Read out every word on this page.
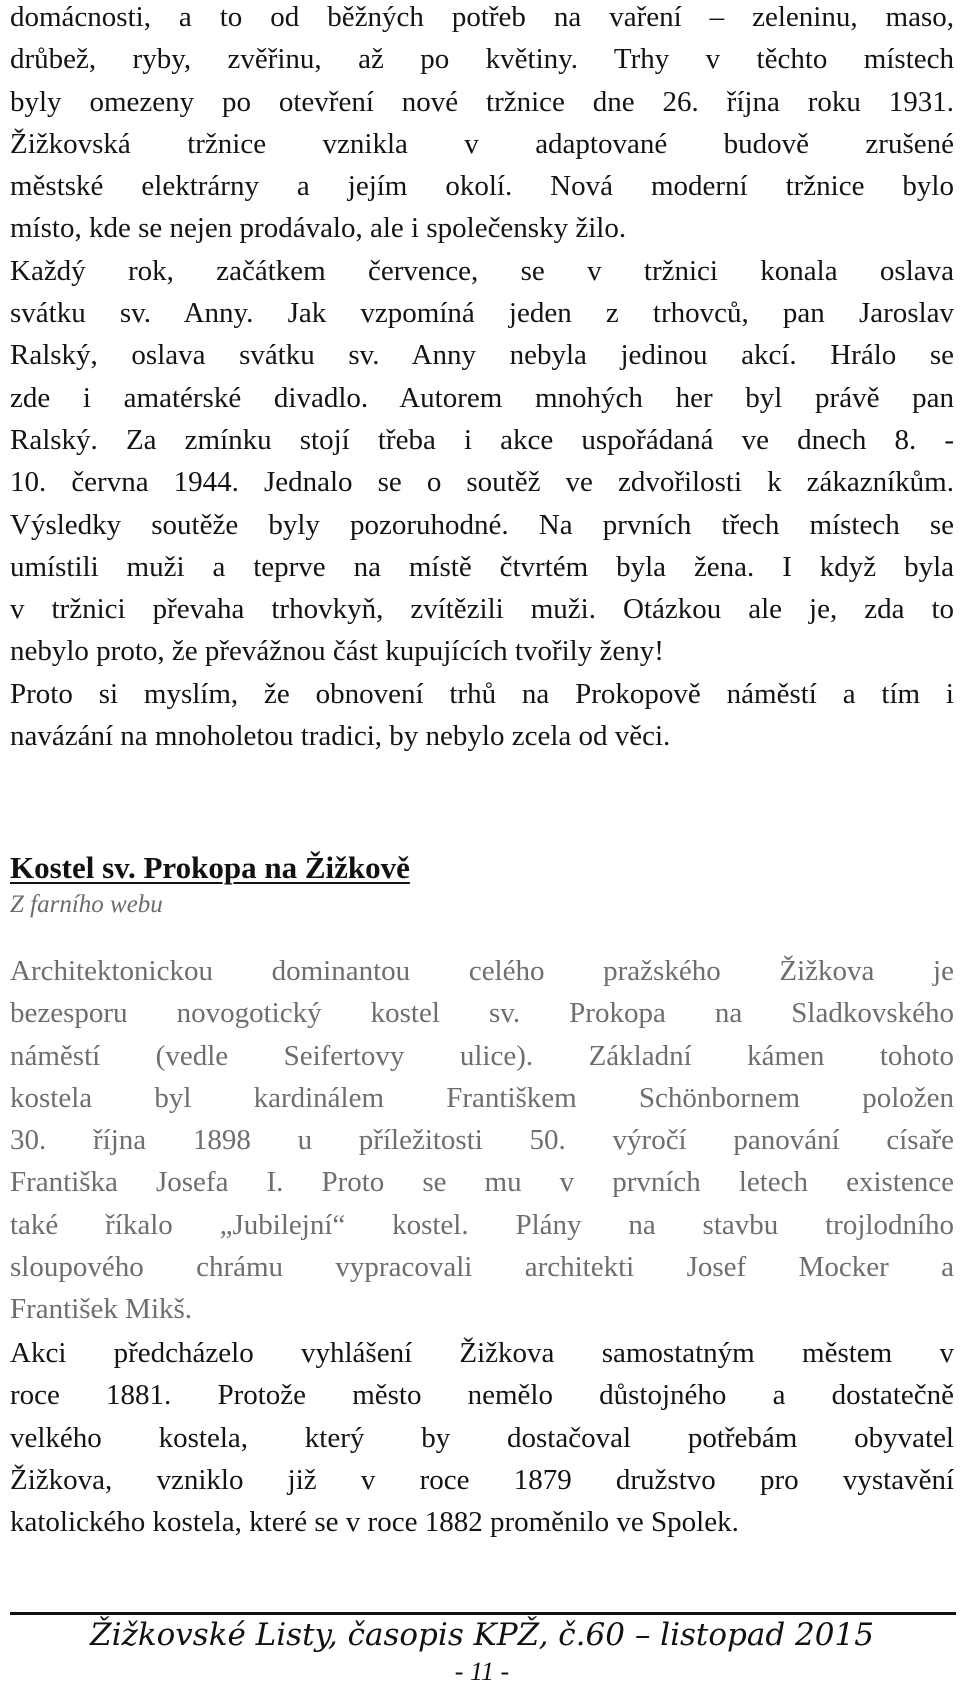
domácnosti, a to od běžných potřeb na vaření – zeleninu, maso,
drůbež, ryby, zvěřinu, až po květiny. Trhy v těchto místech
byly omezeny po otevření nové tržnice dne 26. října roku 1931.
Žižkovská tržnice vznikla v adaptované budově zrušené
městské elektrárny a jejím okolí. Nová moderní tržnice bylo
místo, kde se nejen prodávalo, ale i společensky žilo.
Každý rok, začátkem července, se v tržnici konala oslava
svátku sv. Anny. Jak vzpomíná jeden z trhovců, pan Jaroslav
Ralský, oslava svátku sv. Anny nebyla jedinou akcí. Hrálo se
zde i amatérské divadlo. Autorem mnohých her byl právě pan
Ralský. Za zmínku stojí třeba i akce uspořádaná ve dnech 8. -
10. června 1944. Jednalo se o soutěž ve zdvořilosti k zákazníkům.
Výsledky soutěže byly pozoruhodné. Na prvních třech místech se
umístili muži a teprve na místě čtvrtém byla žena. I když byla
v tržnici převaha trhovkyň, zvítězili muži. Otázkou ale je, zda to
nebylo proto, že převážnou část kupujících tvořily ženy!
Proto si myslím, že obnovení trhů na Prokopově náměstí a tím i
navázání na mnoholetou tradici, by nebylo zcela od věci.

Kostel sv. Prokopa na Žižkově

Z farního webu

Architektonickou dominantou celého pražského Žižkova je
bezesporu novogotický kostel sv. Prokopa na Sladkovského
náměstí (vedle Seifertovy ulice). Základní kámen tohoto
kostela byl kardinálem Františkem Schönbornem položen
30. října 1898 u příležitosti 50. výročí panování císaře
Františka Josefa I. Proto se mu v prvních letech existence
také říkalo „Jubilejní“ kostel. Plány na stavbu trojlodního
sloupového chrámu vypracovali architekti Josef Mocker a
František Mikš.

Akci předcházelo vyhlášení Žižkova samostatným městem v
roce 1881. Protože město nemělo důstojného a dostatečně
velkého kostela, který by dostačoval potřebám obyvatel
Žižkova, vzniklo již v roce 1879 družstvo pro vystavění
katolického kostela, které se v roce 1882 proměnilo ve Spolek.

Žižkovské Listy, časopis KPŽ, č.60 – listopad 2015
- 11 -
